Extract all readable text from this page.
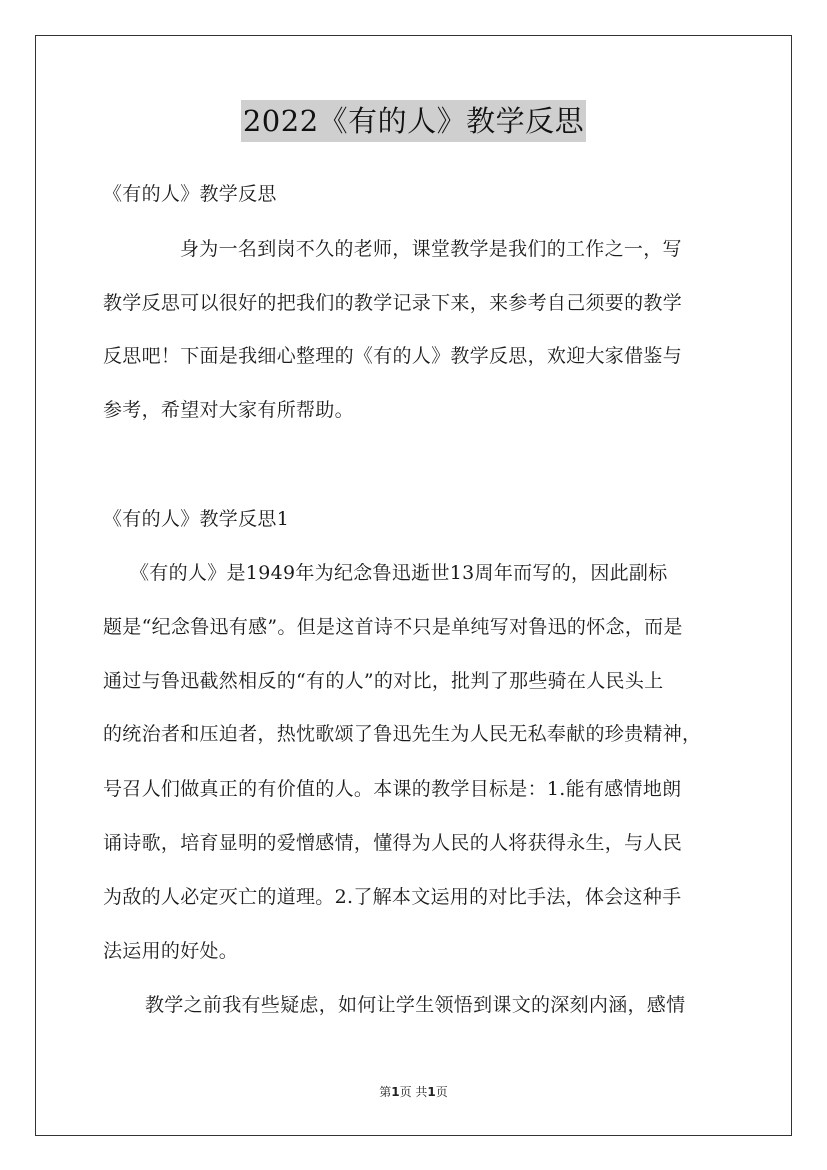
2022《有的人》教学反思
《有的人》教学反思
身为一名到岗不久的老师，课堂教学是我们的工作之一，写
教学反思可以很好的把我们的教学记录下来，来参考自己须要的教学
反思吧！下面是我细心整理的《有的人》教学反思，欢迎大家借鉴与
参考，希望对大家有所帮助。
《有的人》教学反思1
《有的人》是1949年为纪念鲁迅逝世13周年而写的，因此副标
题是“纪念鲁迅有感”。但是这首诗不只是单纯写对鲁迅的怀念，而是
通过与鲁迅截然相反的“有的人”的对比，批判了那些骑在人民头上
的统治者和压迫者，热忱歌颂了鲁迅先生为人民无私奉献的珍贵精神，
号召人们做真正的有价值的人。本课的教学目标是：1.能有感情地朗
诵诗歌，培育显明的爱憎感情，懂得为人民的人将获得永生，与人民
为敌的人必定灭亡的道理。2.了解本文运用的对比手法，体会这种手
法运用的好处。
教学之前我有些疑虑，如何让学生领悟到课文的深刻内涵，感情
第1页 共1页
